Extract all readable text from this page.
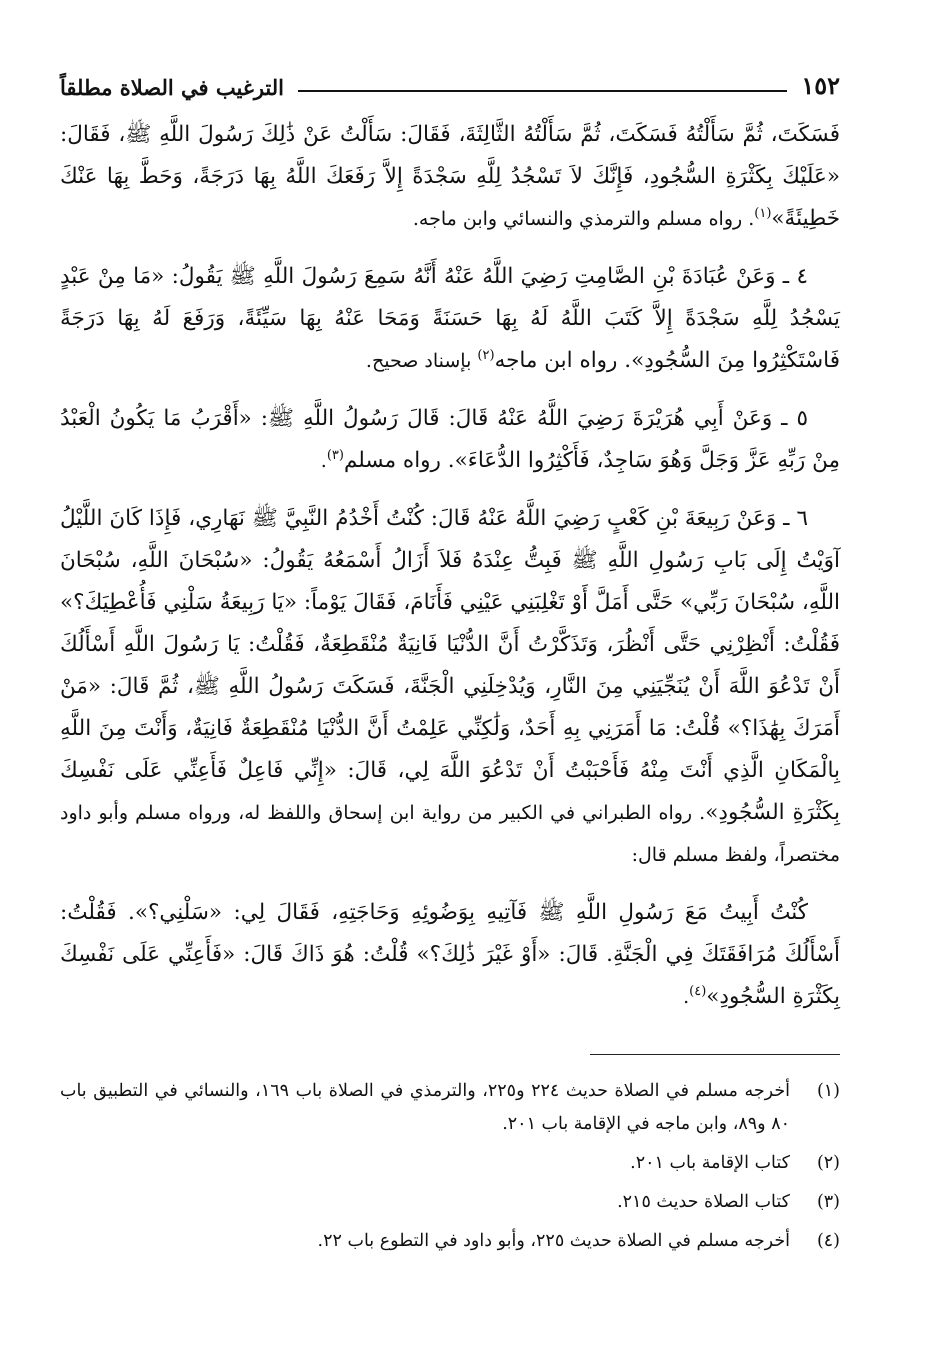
١٥٢
الترغيب في الصلاة مطلقاً

فَسَكَتَ، ثُمَّ سَأَلْتُهُ فَسَكَتَ، ثُمَّ سَأَلْتُهُ الثَّالِثَةَ، فَقَالَ: سَأَلْتُ عَنْ ذَٰلِكَ رَسُولَ اللَّهِ ﷺ، فَقَالَ: «عَلَيْكَ بِكَثْرَةِ السُّجُودِ، فَإِنَّكَ لاَ تَسْجُدُ لِلَّهِ سَجْدَةً إِلاَّ رَفَعَكَ اللَّهُ بِهَا دَرَجَةً، وَحَطَّ بِهَا عَنْكَ خَطِيئَةً»$^{(١)}$. رواه مسلم والترمذي والنسائي وابن ماجه.

٤ ـ وَعَنْ عُبَادَةَ بْنِ الصَّامِتِ رَضِيَ اللَّهُ عَنْهُ أَنَّهُ سَمِعَ رَسُولَ اللَّهِ ﷺ يَقُولُ: «مَا مِنْ عَبْدٍ يَسْجُدُ لِلَّهِ سَجْدَةً إِلاَّ كَتَبَ اللَّهُ لَهُ بِهَا حَسَنَةً وَمَحَا عَنْهُ بِهَا سَيِّئَةً، وَرَفَعَ لَهُ بِهَا دَرَجَةً فَاسْتَكْثِرُوا مِنَ السُّجُودِ». رواه ابن ماجه$^{(٢)}$ بإسناد صحيح.

٥ ـ وَعَنْ أَبِي هُرَيْرَةَ رَضِيَ اللَّهُ عَنْهُ قَالَ: قَالَ رَسُولُ اللَّهِ ﷺ: «أَقْرَبُ مَا يَكُونُ الْعَبْدُ مِنْ رَبِّهِ عَزَّ وَجَلَّ وَهُوَ سَاجِدٌ، فَأَكْثِرُوا الدُّعَاءَ». رواه مسلم$^{(٣)}$.

٦ ـ وَعَنْ رَبِيعَةَ بْنِ كَعْبٍ رَضِيَ اللَّهُ عَنْهُ قَالَ: كُنْتُ أَخْدُمُ النَّبِيَّ ﷺ نَهَارِي، فَإِذَا كَانَ اللَّيْلُ آوَيْتُ إِلَى بَابِ رَسُولِ اللَّهِ ﷺ فَبِتُّ عِنْدَهُ فَلاَ أَزَالُ أَسْمَعُهُ يَقُولُ: «سُبْحَانَ اللَّهِ، سُبْحَانَ اللَّهِ، سُبْحَانَ رَبِّي» حَتَّى أَمَلَّ أَوْ تَغْلِبَنِي عَيْنِي فَأَنَامَ، فَقَالَ يَوْماً: «يَا رَبِيعَةُ سَلْنِي فَأُعْطِيَكَ؟» فَقُلْتُ: أَنْظِرْنِي حَتَّى أَنْظُرَ، وَتَذَكَّرْتُ أَنَّ الدُّنْيَا فَانِيَةٌ مُنْقَطِعَةٌ، فَقُلْتُ: يَا رَسُولَ اللَّهِ أَسْأَلُكَ أَنْ تَدْعُوَ اللَّهَ أَنْ يُنَجِّيَنِي مِنَ النَّارِ، وَيُدْخِلَنِي الْجَنَّةَ، فَسَكَتَ رَسُولُ اللَّهِ ﷺ، ثُمَّ قَالَ: «مَنْ أَمَرَكَ بِهَٰذَا؟» قُلْتُ: مَا أَمَرَنِي بِهِ أَحَدٌ، وَلَٰكِنِّي عَلِمْتُ أَنَّ الدُّنْيَا مُنْقَطِعَةٌ فَانِيَةٌ، وَأَنْتَ مِنَ اللَّهِ بِالْمَكَانِ الَّذِي أَنْتَ مِنْهُ فَأَحْبَبْتُ أَنْ تَدْعُوَ اللَّهَ لِي، قَالَ: «إِنِّي فَاعِلٌ فَأَعِنِّي عَلَى نَفْسِكَ بِكَثْرَةِ السُّجُودِ». رواه الطبراني في الكبير من رواية ابن إسحاق واللفظ له، ورواه مسلم وأبو داود مختصراً، ولفظ مسلم قال:

كُنْتُ أَبِيتُ مَعَ رَسُولِ اللَّهِ ﷺ فَآتِيهِ بِوَضُوئِهِ وَحَاجَتِهِ، فَقَالَ لِي: «سَلْنِي؟». فَقُلْتُ: أَسْأَلُكَ مُرَافَقَتَكَ فِي الْجَنَّةِ. قَالَ: «أَوْ غَيْرَ ذَٰلِكَ؟» قُلْتُ: هُوَ ذَاكَ قَالَ: «فَأَعِنِّي عَلَى نَفْسِكَ بِكَثْرَةِ السُّجُودِ»$^{(٤)}$.

(١)
أخرجه مسلم في الصلاة حديث ٢٢٤ و٢٢٥، والترمذي في الصلاة باب ١٦٩، والنسائي في التطبيق باب ٨٠ و٨٩، وابن ماجه في الإقامة باب ٢٠١.
(٢)
كتاب الإقامة باب ٢٠١.
(٣)
كتاب الصلاة حديث ٢١٥.
(٤)
أخرجه مسلم في الصلاة حديث ٢٢٥، وأبو داود في التطوع باب ٢٢.
